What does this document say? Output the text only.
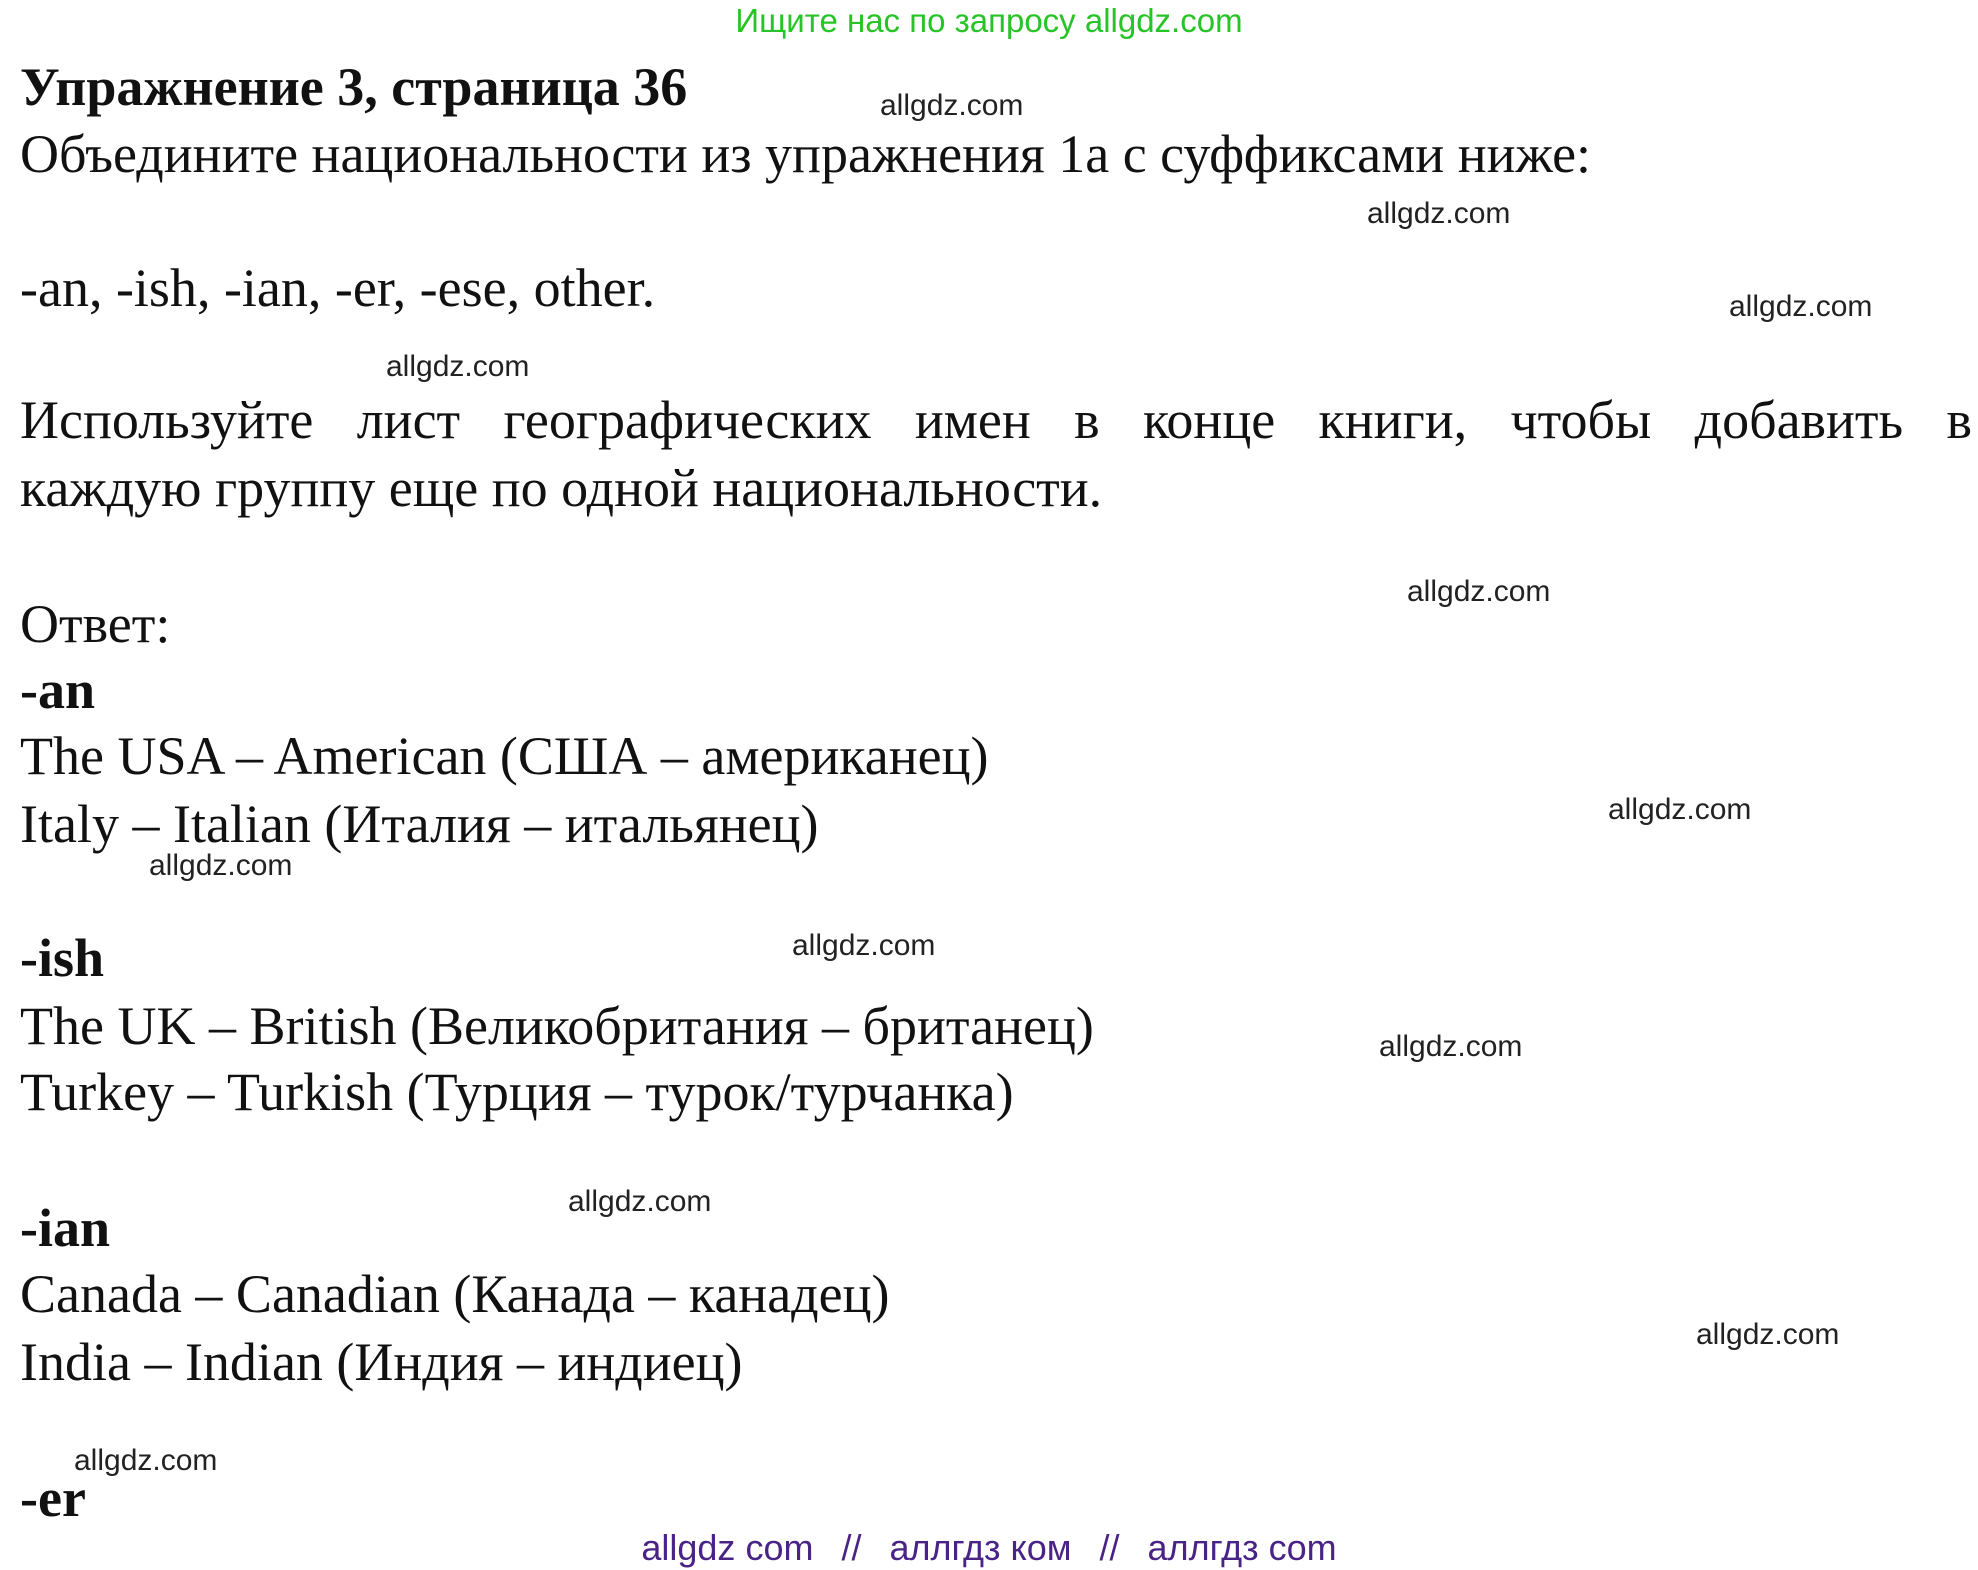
Ищите нас по запросу allgdz.com
Упражнение 3, страница 36
Объедините национальности из упражнения 1а с суффиксами ниже:
-an, -ish, -ian, -er, -ese, other.
Используйте лист географических имен в конце книги, чтобы добавить в
каждую группу еще по одной национальности.
Ответ:
-an
The USA – American (США – американец)
Italy – Italian (Италия – итальянец)
-ish
The UK – British (Великобритания – британец)
Turkey – Turkish (Турция – турок/турчанка)
-ian
Canada – Canadian (Канада – канадец)
India – Indian (Индия – индиец)
-er
allgdz.com
allgdz.com
allgdz.com
allgdz.com
allgdz.com
allgdz.com
allgdz.com
allgdz.com
allgdz.com
allgdz.com
allgdz.com
allgdz.com
allgdz com // аллгдз ком // аллгдз com
